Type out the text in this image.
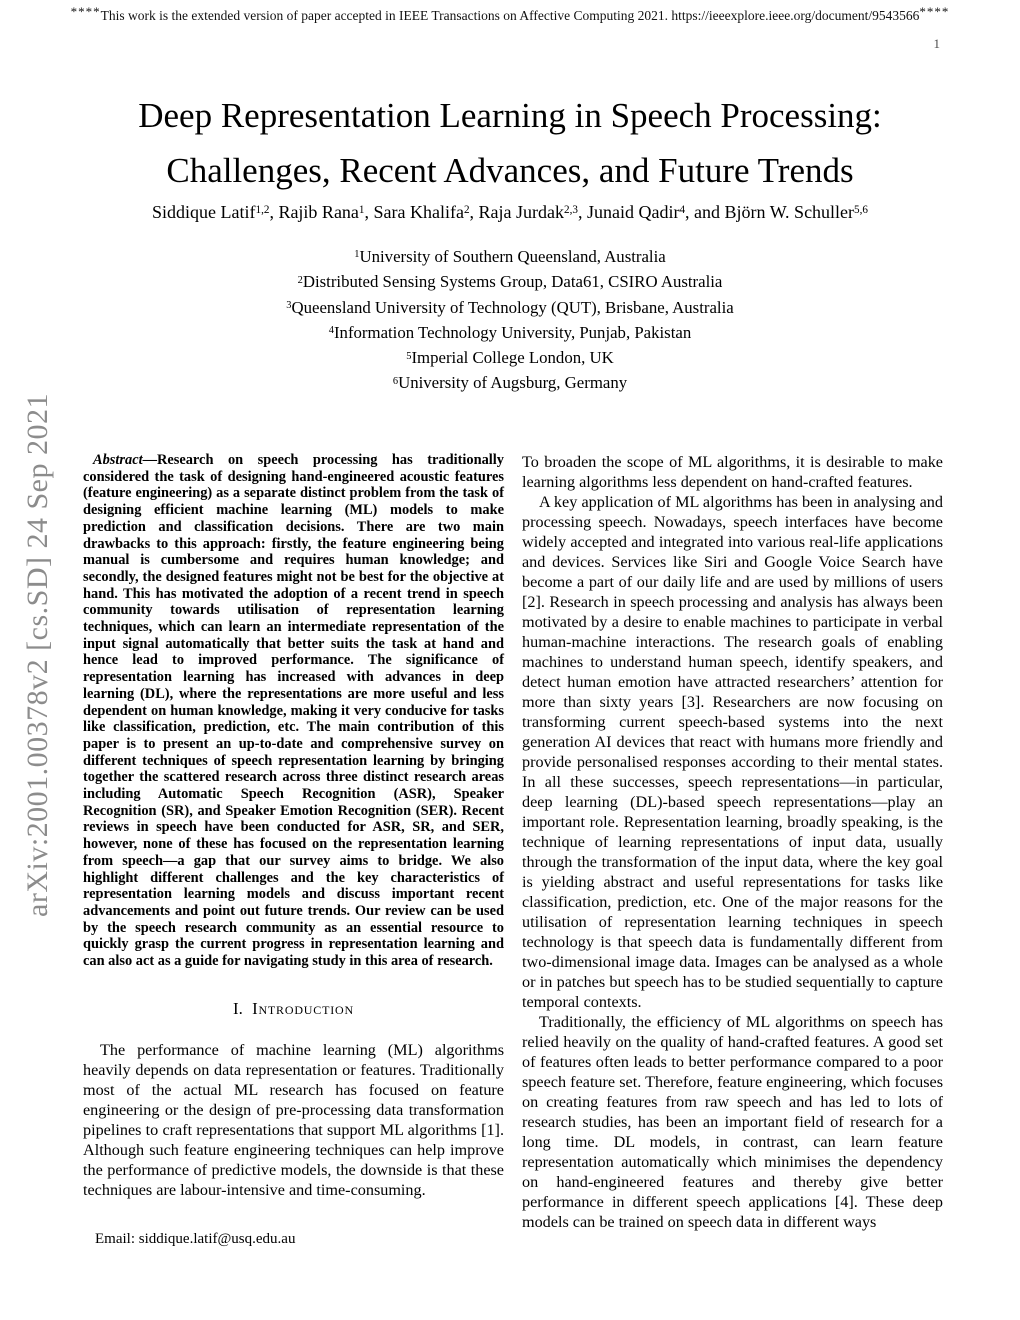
****This work is the extended version of paper accepted in IEEE Transactions on Affective Computing 2021. https://ieeexplore.ieee.org/document/9543566****
1
arXiv:2001.00378v2 [cs.SD] 24 Sep 2021
Deep Representation Learning in Speech Processing:
Challenges, Recent Advances, and Future Trends
Siddique Latif$^{1,2}$, Rajib Rana$^1$, Sara Khalifa$^2$, Raja Jurdak$^{2,3}$, Junaid Qadir$^4$, and Björn W. Schuller$^{5,6}$
$^1$University of Southern Queensland, Australia
$^2$Distributed Sensing Systems Group, Data61, CSIRO Australia
$^3$Queensland University of Technology (QUT), Brisbane, Australia
$^4$Information Technology University, Punjab, Pakistan
$^5$Imperial College London, UK
$^6$University of Augsburg, Germany

Abstract—Research on speech processing has traditionally considered the task of designing hand-engineered acoustic features (feature engineering) as a separate distinct problem from the task of designing efficient machine learning (ML) models to make prediction and classification decisions. There are two main drawbacks to this approach: firstly, the feature engineering being manual is cumbersome and requires human knowledge; and secondly, the designed features might not be best for the objective at hand. This has motivated the adoption of a recent trend in speech community towards utilisation of representation learning techniques, which can learn an intermediate representation of the input signal automatically that better suits the task at hand and hence lead to improved performance. The significance of representation learning has increased with advances in deep learning (DL), where the representations are more useful and less dependent on human knowledge, making it very conducive for tasks like classification, prediction, etc. The main contribution of this paper is to present an up-to-date and comprehensive survey on different techniques of speech representation learning by bringing together the scattered research across three distinct research areas including Automatic Speech Recognition (ASR), Speaker Recognition (SR), and Speaker Emotion Recognition (SER). Recent reviews in speech have been conducted for ASR, SR, and SER, however, none of these has focused on the representation learning from speech—a gap that our survey aims to bridge. We also highlight different challenges and the key characteristics of representation learning models and discuss important recent advancements and point out future trends. Our review can be used by the speech research community as an essential resource to quickly grasp the current progress in representation learning and can also act as a guide for navigating study in this area of research.

I. Introduction

The performance of machine learning (ML) algorithms heavily depends on data representation or features. Traditionally most of the actual ML research has focused on feature engineering or the design of pre-processing data transformation pipelines to craft representations that support ML algorithms [1]. Although such feature engineering techniques can help improve the performance of predictive models, the downside is that these techniques are labour-intensive and time-consuming.

To broaden the scope of ML algorithms, it is desirable to make learning algorithms less dependent on hand-crafted features.

A key application of ML algorithms has been in analysing and processing speech. Nowadays, speech interfaces have become widely accepted and integrated into various real-life applications and devices. Services like Siri and Google Voice Search have become a part of our daily life and are used by millions of users [2]. Research in speech processing and analysis has always been motivated by a desire to enable machines to participate in verbal human-machine interactions. The research goals of enabling machines to understand human speech, identify speakers, and detect human emotion have attracted researchers’ attention for more than sixty years [3]. Researchers are now focusing on transforming current speech-based systems into the next generation AI devices that react with humans more friendly and provide personalised responses according to their mental states. In all these successes, speech representations—in particular, deep learning (DL)-based speech representations—play an important role. Representation learning, broadly speaking, is the technique of learning representations of input data, usually through the transformation of the input data, where the key goal is yielding abstract and useful representations for tasks like classification, prediction, etc. One of the major reasons for the utilisation of representation learning techniques in speech technology is that speech data is fundamentally different from two-dimensional image data. Images can be analysed as a whole or in patches but speech has to be studied sequentially to capture temporal contexts.

Traditionally, the efficiency of ML algorithms on speech has relied heavily on the quality of hand-crafted features. A good set of features often leads to better performance compared to a poor speech feature set. Therefore, feature engineering, which focuses on creating features from raw speech and has led to lots of research studies, has been an important field of research for a long time. DL models, in contrast, can learn feature representation automatically which minimises the dependency on hand-engineered features and thereby give better performance in different speech applications [4]. These deep models can be trained on speech data in different ways

Email: siddique.latif@usq.edu.au
